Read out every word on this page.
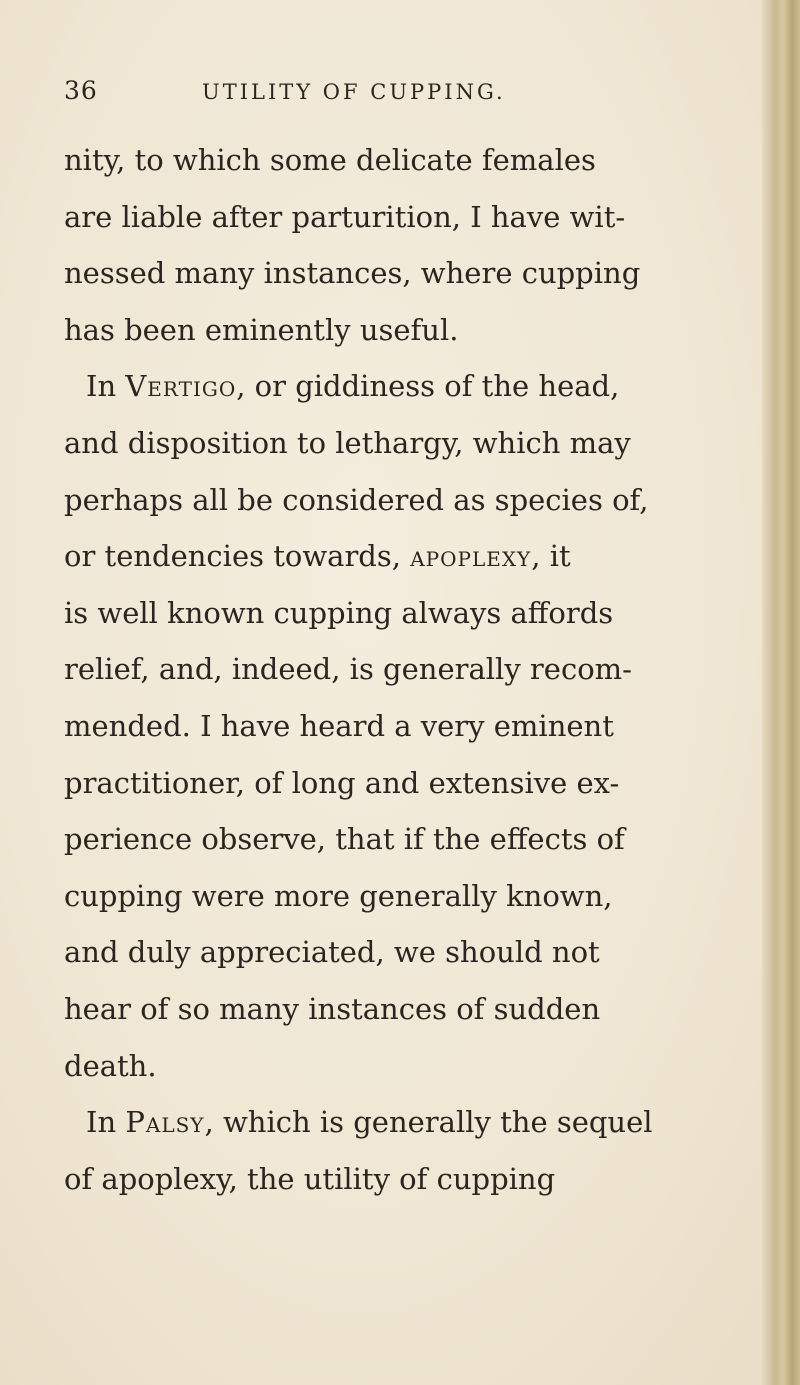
36	UTILITY OF CUPPING.
nity, to which some delicate females
are liable after parturition, I have wit-
nessed many instances, where cupping
has been eminently useful.
In Vertigo, or giddiness of the head,
and disposition to lethargy, which may
perhaps all be considered as species of,
or tendencies towards, apoplexy, it
is well known cupping always affords
relief, and, indeed, is generally recom-
mended. I have heard a very eminent
practitioner, of long and extensive ex-
perience observe, that if the effects of
cupping were more generally known,
and duly appreciated, we should not
hear of so many instances of sudden
death.
In Palsy, which is generally the sequel
of apoplexy, the utility of cupping
